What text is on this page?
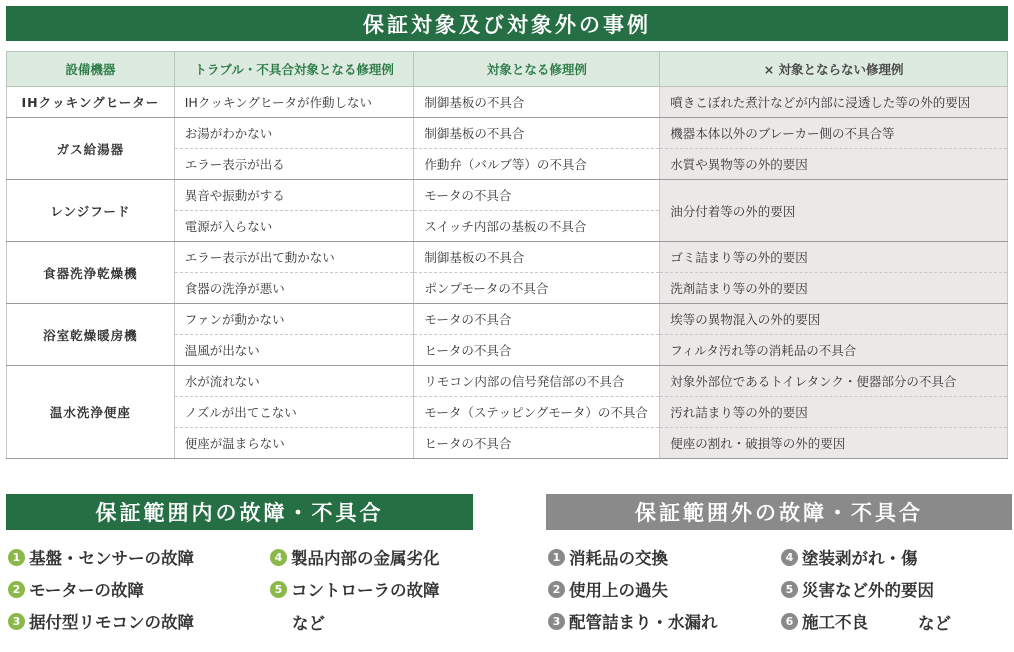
保証対象及び対象外の事例
設備機器	トラブル・不具合対象となる修理例	対象となる修理例	× 対象とならない修理例
IHクッキングヒーター	IHクッキングヒータが作動しない	制御基板の不具合	噴きこぼれた煮汁などが内部に浸透した等の外的要因
ガス給湯器	お湯がわかない	制御基板の不具合	機器本体以外のブレーカー側の不具合等
	エラー表示が出る	作動弁（バルブ等）の不具合	水質や異物等の外的要因
レンジフード	異音や振動がする	モータの不具合	油分付着等の外的要因
	電源が入らない	スイッチ内部の基板の不具合	
食器洗浄乾燥機	エラー表示が出て動かない	制御基板の不具合	ゴミ詰まり等の外的要因
	食器の洗浄が悪い	ポンプモータの不具合	洗剤詰まり等の外的要因
浴室乾燥暖房機	ファンが動かない	モータの不具合	埃等の異物混入の外的要因
	温風が出ない	ヒータの不具合	フィルタ汚れ等の消耗品の不具合
温水洗浄便座	水が流れない	リモコン内部の信号発信部の不具合	対象外部位であるトイレタンク・便器部分の不具合
	ノズルが出てこない	モータ（ステッピングモータ）の不具合	汚れ詰まり等の外的要因
	便座が温まらない	ヒータの不具合	便座の割れ・破損等の外的要因
保証範囲内の故障・不具合
1 基盤・センサーの故障
2 モーターの故障
3 据付型リモコンの故障
4 製品内部の金属劣化
5 コントローラの故障
など
保証範囲外の故障・不具合
1 消耗品の交換
2 使用上の過失
3 配管詰まり・水漏れ
4 塗装剥がれ・傷
5 災害など外的要因
6 施工不良	など
